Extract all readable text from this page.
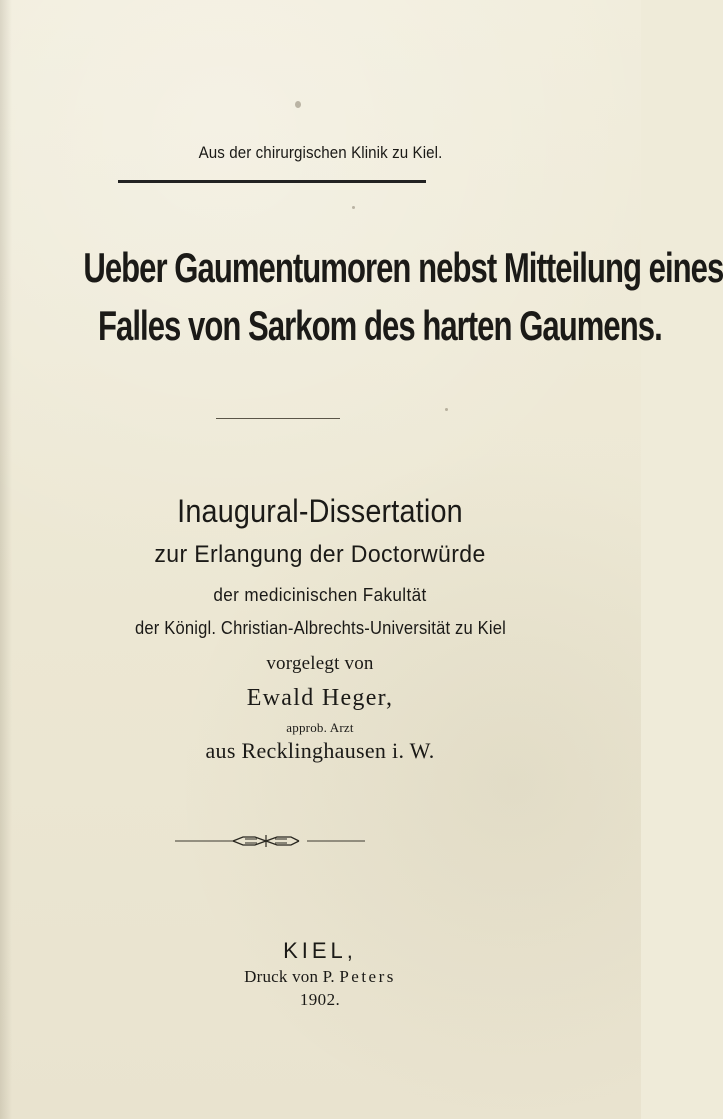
Aus der chirurgischen Klinik zu Kiel.
Ueber Gaumentumoren nebst Mitteilung eines
Falles von Sarkom des harten Gaumens.
Inaugural-Dissertation
zur Erlangung der Doctorwürde
der medicinischen Fakultät
der Königl. Christian-Albrechts-Universität zu Kiel
vorgelegt von
Ewald Heger,
approb. Arzt
aus Recklinghausen i. W.
KIEL,
Druck von P. Peters
1902.
